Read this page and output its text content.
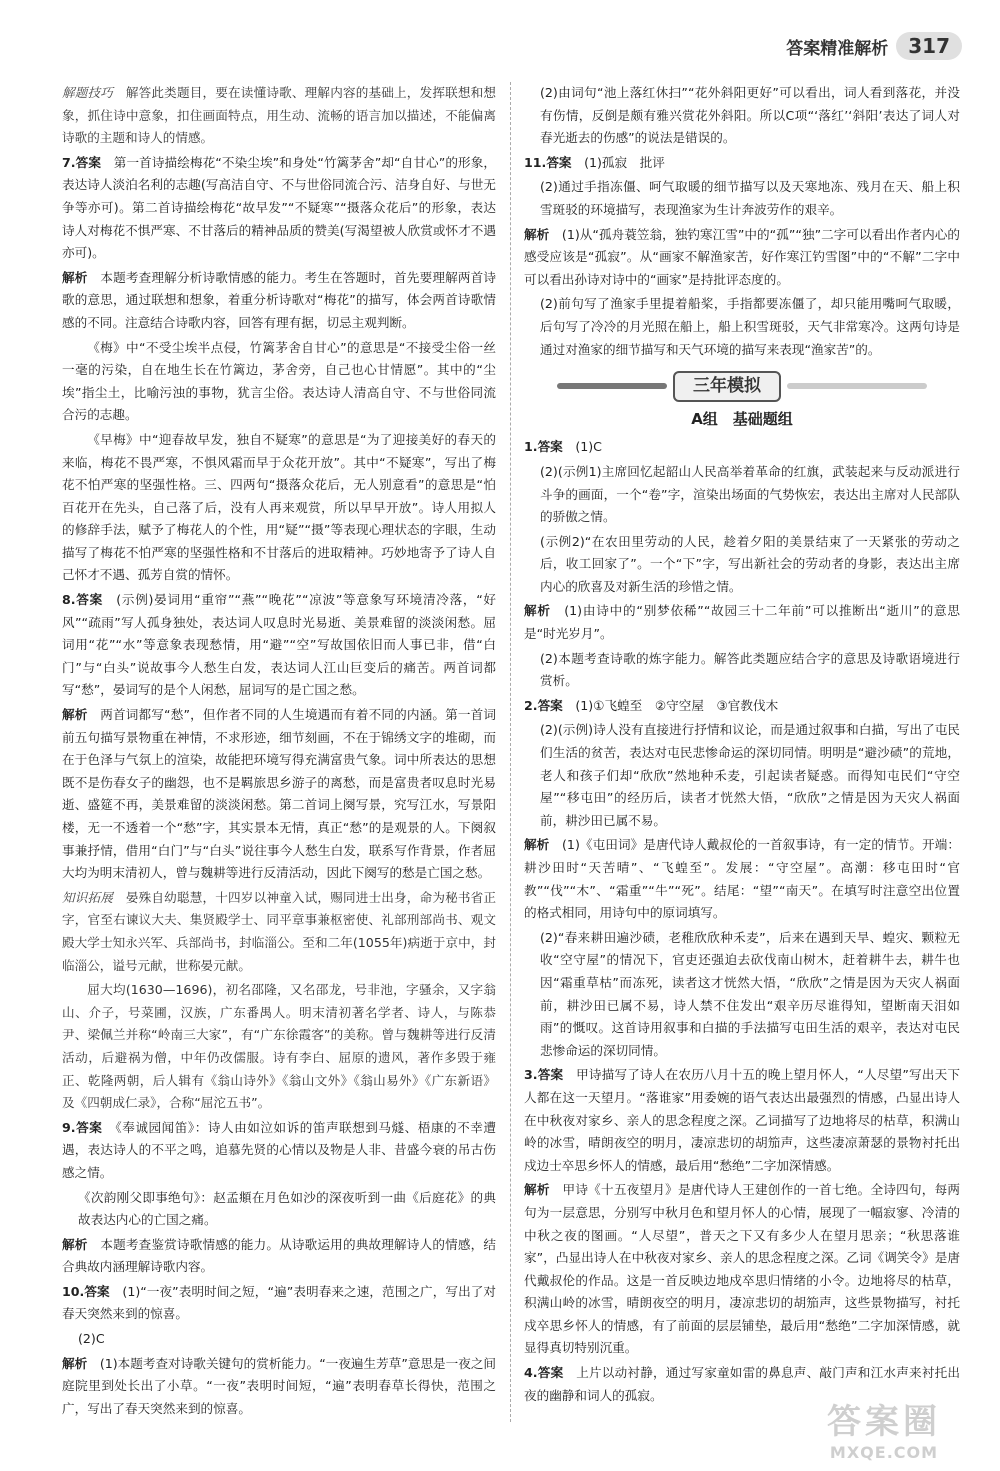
答案精准解析	317

解题技巧　 解答此类题目，要在读懂诗歌、理解内容的基础上，发挥联想和想象，抓住诗中意象，扣住画面特点，用生动、流畅的语言加以描述，不能偏离诗歌的主题和诗人的情感。

7.答案　 第一首诗描绘梅花“不染尘埃”和身处“竹篱茅舍”却“自甘心”的形象，表达诗人淡泊名利的志趣(写高洁自守、不与世俗同流合污、洁身自好、与世无争等亦可)。第二首诗描绘梅花“故早发”“不疑寒”“摄落众花后”的形象，表达诗人对梅花不惧严寒、不甘落后的精神品质的赞美(写渴望被人欣赏或怀才不遇亦可)。

解析　 本题考查理解分析诗歌情感的能力。考生在答题时，首先要理解两首诗歌的意思，通过联想和想象，着重分析诗歌对“梅花”的描写，体会两首诗歌情感的不同。注意结合诗歌内容，回答有理有据，切忌主观判断。

《梅》中“不受尘埃半点侵，竹篱茅舍自甘心”的意思是“不接受尘俗一丝一毫的污染，自在地生长在竹篱边，茅舍旁，自己也心甘情愿”。其中的“尘埃”指尘土，比喻污浊的事物，犹言尘俗。表达诗人清高自守、不与世俗同流合污的志趣。

《早梅》中“迎春故早发，独自不疑寒”的意思是“为了迎接美好的春天的来临，梅花不畏严寒，不惧风霜而早于众花开放”。其中“不疑寒”，写出了梅花不怕严寒的坚强性格。三、四两句“摄落众花后，无人别意看”的意思是“怕百花开在先头，自己落了后，没有人再来观赏，所以早早开放”。诗人用拟人的修辞手法，赋予了梅花人的个性，用“疑”“摄”等表现心理状态的字眼，生动描写了梅花不怕严寒的坚强性格和不甘落后的进取精神。巧妙地寄予了诗人自己怀才不遇、孤芳自赏的情怀。

8.答案　 (示例)晏词用“重帘”“燕”“晚花”“凉波”等意象写环境清冷落，“好风”“疏雨”写人孤身独处，表达词人叹息时光易逝、美景难留的淡淡闲愁。屈词用“花”“水”等意象表现愁情，用“避”“空”写故国依旧而人事已非，借“白门”与“白头”说故事今人愁生白发，表达词人江山巨变后的痛苦。两首词都写“愁”，晏词写的是个人闲愁，屈词写的是亡国之愁。

解析　 两首词都写“愁”，但作者不同的人生境遇而有着不同的内涵。第一首词前五句描写景物重在神情，不求形迹，细节刻画，不在于锦绣文字的堆砌，而在于色泽与气氛上的渲染，故能把环境写得充满富贵气象。词中所表达的思想既不是伤春女子的幽怨，也不是羁旅思乡游子的离愁，而是富贵者叹息时光易逝、盛筵不再，美景难留的淡淡闲愁。第二首词上阕写景，究写江水，写景阳楼，无一不透着一个“愁”字，其实景本无情，真正“愁”的是观景的人。下阕叙事兼抒情，借用“白门”与“白头”说往事今人愁生白发，联系写作背景，作者屈大均为明末清初人，曾与魏耕等进行反清活动，因此下阕写的愁是亡国之愁。

知识拓展　 晏殊自幼聪慧，十四岁以神童入试，赐同进士出身，命为秘书省正字，官至右谏议大夫、集贤殿学士、同平章事兼枢密使、礼部刑部尚书、观文殿大学士知永兴军、兵部尚书，封临淄公。至和二年(1055年)病逝于京中，封临淄公，谥号元献，世称晏元献。

屈大均(1630—1696)，初名邵隆，又名邵龙，号非池，字骚余，又字翁山、介子，号菜圃，汉族，广东番禺人。明末清初著名学者、诗人，与陈恭尹、梁佩兰并称“岭南三大家”，有“广东徐霞客”的美称。曾与魏耕等进行反清活动，后避祸为僧，中年仍改儒服。诗有李白、屈原的遗风，著作多毁于雍正、乾隆两朝，后人辑有《翁山诗外》《翁山文外》《翁山易外》《广东新语》及《四朝成仁录》，合称“屈沱五书”。

9.答案　 《奉诚园闻笛》：诗人由如泣如诉的笛声联想到马燧、梧康的不幸遭遇，表达诗人的不平之鸣，追慕先贤的心情以及物是人非、昔盛今衰的吊古伤感之情。

《次韵刚父即事绝句》：赵孟頫在月色如沙的深夜听到一曲《后庭花》的典故表达内心的亡国之痛。

解析　 本题考查鉴赏诗歌情感的能力。从诗歌运用的典故理解诗人的情感，结合典故内涵理解诗歌内容。

10.答案　 (1)“一夜”表明时间之短，“遍”表明春来之速，范围之广，写出了对春天突然来到的惊喜。

(2)C

解析　 (1)本题考查对诗歌关键句的赏析能力。“一夜遍生芳草”意思是一夜之间庭院里到处长出了小草。“一夜”表明时间短，“遍”表明春草长得快，范围之广，写出了春天突然来到的惊喜。

(2)由词句“池上落红休扫”“花外斜阳更好”可以看出，词人看到落花，并没有伤情，反倒是颇有雅兴赏花外斜阳。所以C项“‘落红’‘斜阳’表达了词人对春光逝去的伤感”的说法是错误的。

11.答案　 (1)孤寂　批评

(2)通过手指冻僵、呵气取暖的细节描写以及天寒地冻、残月在天、船上积雪斑驳的环境描写，表现渔家为生计奔波劳作的艰辛。

解析　 (1)从“孤舟蓑笠翁，独钓寒江雪”中的“孤”“独”二字可以看出作者内心的感受应该是“孤寂”。从“画家不解渔家苦，好作寒江钓雪图”中的“不解”二字中可以看出孙诗对诗中的“画家”是持批评态度的。

(2)前句写了渔家手里提着船桨，手指都要冻僵了，却只能用嘴呵气取暖，后句写了冷冷的月光照在船上，船上积雪斑驳，天气非常寒冷。这两句诗是通过对渔家的细节描写和天气环境的描写来表现“渔家苦”的。

三年模拟
A组　基础题组

1.答案　 (1)C

(2)(示例1)主席回忆起韶山人民高举着革命的红旗，武装起来与反动派进行斗争的画面，一个“卷”字，渲染出场面的气势恢宏，表达出主席对人民部队的骄傲之情。

(示例2)“在农田里劳动的人民，趁着夕阳的美景结束了一天紧张的劳动之后，收工回家了”。一个“下”字，写出新社会的劳动者的身影，表达出主席内心的欣喜及对新生活的珍惜之情。

解析　 (1)由诗中的“别梦依稀”“故园三十二年前”可以推断出“逝川”的意思是“时光岁月”。

(2)本题考查诗歌的炼字能力。解答此类题应结合字的意思及诗歌语境进行赏析。

2.答案　 (1)①飞蝗至　②守空屋　③官教伐木

(2)(示例)诗人没有直接进行抒情和议论，而是通过叙事和白描，写出了屯民们生活的贫苦，表达对屯民悲惨命运的深切同情。明明是“避沙碛”的荒地，老人和孩子们却“欣欣”然地种禾麦，引起读者疑惑。而得知屯民们“守空屋”“移屯田”的经历后，读者才恍然大悟，“欣欣”之情是因为天灾人祸面前，耕沙田已属不易。

解析　 (1)《屯田词》是唐代诗人戴叔伦的一首叙事诗，有一定的情节。开端：耕沙田时“天苦晴”、“飞蝗至”。发展：“守空屋”。高潮：移屯田时“官教”“伐”“木”、“霜重”“牛”“死”。结尾：“望”“南天”。在填写时注意空出位置的格式相同，用诗句中的原词填写。

(2)“春来耕田遍沙碛，老稚欣欣种禾麦”，后来在遇到天旱、蝗灾、颗粒无收“空守屋”的情况下，官吏还强迫去砍伐南山树木，赶着耕牛去，耕牛也因“霜重草枯”而冻死，读者这才恍然大悟，“欣欣”之情是因为天灾人祸面前，耕沙田已属不易，诗人禁不住发出“艰辛历尽谁得知，望断南天泪如雨”的慨叹。这首诗用叙事和白描的手法描写屯田生活的艰辛，表达对屯民悲惨命运的深切同情。

3.答案　 甲诗描写了诗人在农历八月十五的晚上望月怀人，“人尽望”写出天下人都在这一天望月。“落谁家”用委婉的语气表达出最强烈的情感，凸显出诗人在中秋夜对家乡、亲人的思念程度之深。乙词描写了边地将尽的枯草，积满山岭的冰雪，晴朗夜空的明月，凄凉悲切的胡笳声，这些凄凉萧瑟的景物衬托出戍边士卒思乡怀人的情感，最后用“愁绝”二字加深情感。

解析　 甲诗《十五夜望月》是唐代诗人王建创作的一首七绝。全诗四句，每两句为一层意思，分别写中秋月色和望月怀人的心情，展现了一幅寂寥、冷清的中秋之夜的图画。“人尽望”，普天之下又有多少人在望月思亲；“秋思落谁家”，凸显出诗人在中秋夜对家乡、亲人的思念程度之深。乙词《调笑令》是唐代戴叔伦的作品。这是一首反映边地戍卒思归情绪的小令。边地将尽的枯草，积满山岭的冰雪，晴朗夜空的明月，凄凉悲切的胡笳声，这些景物描写，衬托戍卒思乡怀人的情感，有了前面的层层铺垫，最后用“愁绝”二字加深情感，就显得真切特别沉重。

4.答案　 上片以动衬静，通过写家童如雷的鼻息声、敲门声和江水声来衬托出夜的幽静和词人的孤寂。

答案圈
MXQE.COM
